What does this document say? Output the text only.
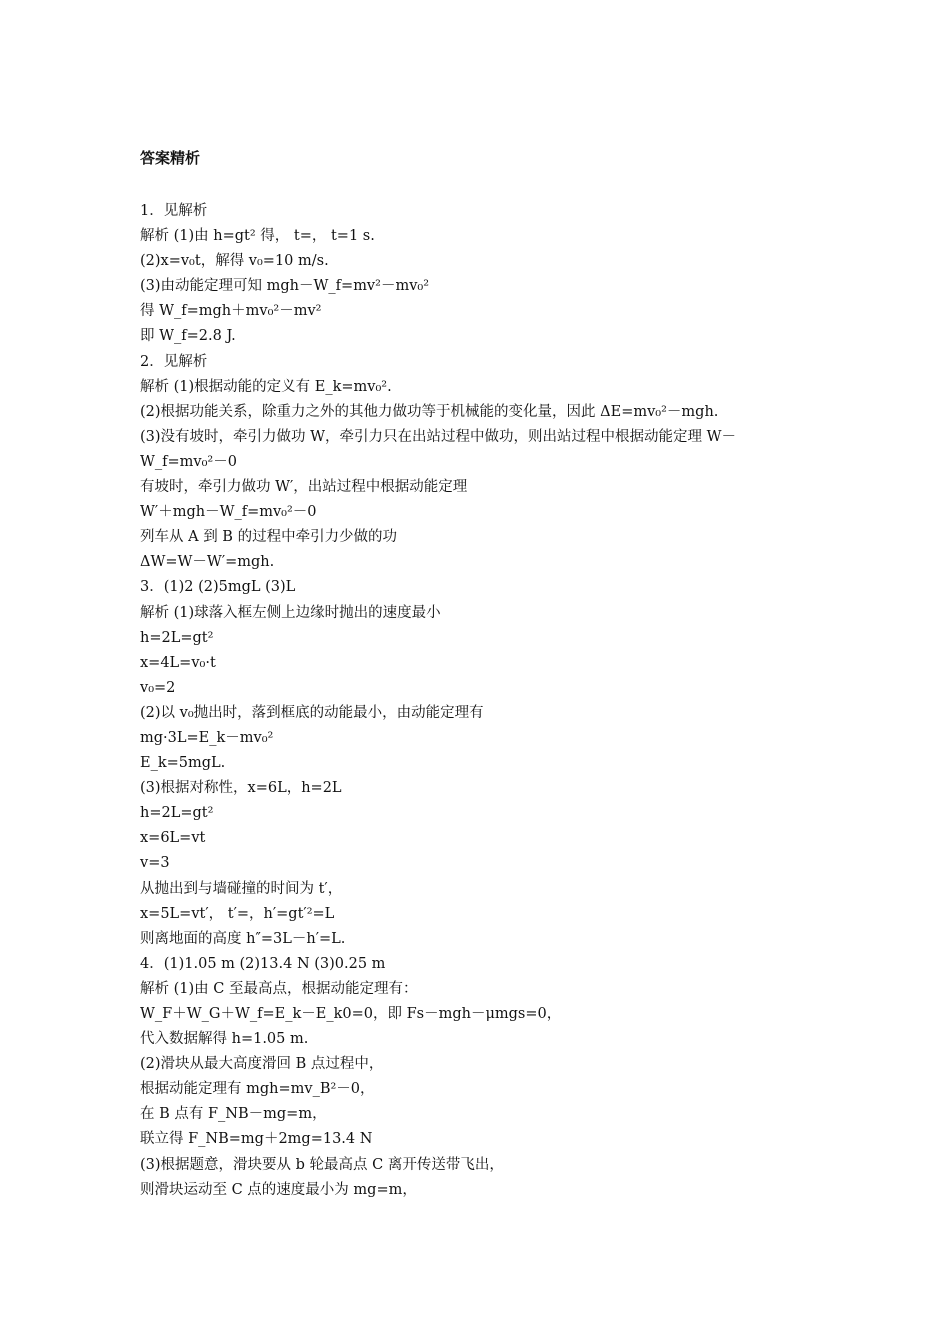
答案精析
1．见解析
解析 (1)由 h=gt² 得， t=， t=1 s.
(2)x=v₀t，解得 v₀=10 m/s.
(3)由动能定理可知 mgh－W_f=mv²－mv₀²
得 W_f=mgh＋mv₀²－mv²
即 W_f=2.8 J.
2．见解析
解析 (1)根据动能的定义有 E_k=mv₀².
(2)根据功能关系，除重力之外的其他力做功等于机械能的变化量，因此 ΔE=mv₀²－mgh.
(3)没有坡时，牵引力做功 W，牵引力只在出站过程中做功，则出站过程中根据动能定理 W－
W_f=mv₀²－0
有坡时，牵引力做功 W′，出站过程中根据动能定理
W′＋mgh－W_f=mv₀²－0
列车从 A 到 B 的过程中牵引力少做的功
ΔW=W－W′=mgh.
3．(1)2 (2)5mgL (3)L
解析 (1)球落入框左侧上边缘时抛出的速度最小
h=2L=gt²
x=4L=v₀·t
v₀=2
(2)以 v₀抛出时，落到框底的动能最小，由动能定理有
mg·3L=E_k－mv₀²
E_k=5mgL.
(3)根据对称性，x=6L，h=2L
h=2L=gt²
x=6L=vt
v=3
从抛出到与墙碰撞的时间为 t′，
x=5L=vt′， t′=，h′=gt′²=L
则离地面的高度 h″=3L－h′=L.
4．(1)1.05 m (2)13.4 N (3)0.25 m
解析 (1)由 C 至最高点，根据动能定理有：
W_F＋W_G＋W_f=E_k－E_k0=0，即 Fs－mgh－μmgs=0，
代入数据解得 h=1.05 m.
(2)滑块从最大高度滑回 B 点过程中，
根据动能定理有 mgh=mv_B²－0，
在 B 点有 F_NB－mg=m，
联立得 F_NB=mg＋2mg=13.4 N
(3)根据题意，滑块要从 b 轮最高点 C 离开传送带飞出，
则滑块运动至 C 点的速度最小为 mg=m，
